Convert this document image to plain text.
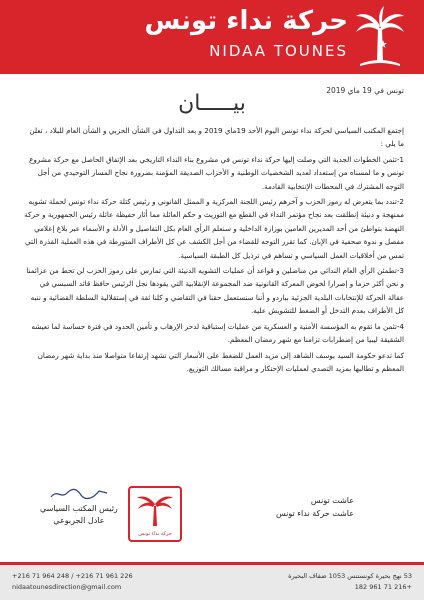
حركة نداء تونس
NIDAA TOUNES
تونس في 19 ماي 2019
بيـــــان

إجتمع المكتب السياسي لحركة نداء تونس اليوم الأحد 19ماي 2019 و بعد التداول في الشأن الحزبي و الشأن العام للبلاد ، تعلن ما يلي :

1-تثمن الخطوات الجدية التي وصلت إليها حركة نداء تونس في مشروع بناء النداء التاريخي بعد الإتفاق الحاصل مع حركة مشروع تونس و ما لمسناه من إستعداد لعديد الشخصيات الوطنية و الأحزاب الصديقة المؤمنة بضرورة نجاح المسار التوحيدي من أجل التوجه المشترك في المحطات الإنتخابية القادمة.

2-تندد بما يتعرض له رموز الحزب و آخرهم رئيس اللجنة المركزية و الممثل القانوني و رئيس كتلة حركة نداء تونس لحملة تشويه ممنهجة و دنيئة إنطلقت بعد نجاح مؤتمر النداء في القطع مع التوريث و حكم العائلة مما أثار حفيظة عائلة رئيس الجمهورية و حركة النهضة بتواطئ من أحد المديرين العامين بوزارة الداخلية و سنعلم الرأي العام بكل التفاصيل و الأدلة و الأسماء عبر بلاغ إعلامي مفصل و ندوة صحفية في الإبان. كما تقرر التوجه للقضاء من أجل الكشف عن كل الأطراف المتورطة في هذه العملية القذرة التي تمس من أخلاقيات العمل السياسي و تساهم في ترذيل كل الطبقة السياسية.

3-تطمئن الرأي العام الندائي من مناضلين و قواعد أن عمليات التشويه الدنيئة التي تمارس على رموز الحزب لن تحط من عزائمنا و نحن أكثر حزما و إصرارا لخوض المعركة القانونية ضد المجموعة الإنقلابية التي يقودها نجل الرئيس حافظ قائد السبسي في عقالة الحركة للإنتخابات البلدية الجزئية بباردو و أننا سنستعمل حقنا في التقاضي و كلنا ثقة في إستقلالية السلطة القضائية و ننبه كل الأطراف بعدم التدخل أو الضغط للتشويش عليه.

4-تثمن ما تقوم به المؤسسة الأمنية و العسكرية من عمليات إستباقية لدحر الإرهاب و تأمين الحدود في فترة حساسة لما تعيشه الشقيقة ليبيا من إضطرابات تزامنا مع شهر رمضان المعظم.

كما تدعو حكومة السيد يوسف الشاهد إلى مزيد العمل للضغط على الأسعار التي تشهد إرتفاعا متواصلا منذ بداية شهر رمضان المعظم و تطالبها بمزيد التصدي لعمليات الإحتكار و مراقبة مسالك التوزيع.

رئيس المكتب السياسي
عادل الجربوعي
حركة نداء تونس
عاشت تونس
عاشت حركة نداء تونس
+216 71 964 248 / +216 71 961 226
nidaatounesdirection@gmail.com
53 نهج بحيرة كونستنس 1053 ضفاف البحيرة
+216 71 961 182
